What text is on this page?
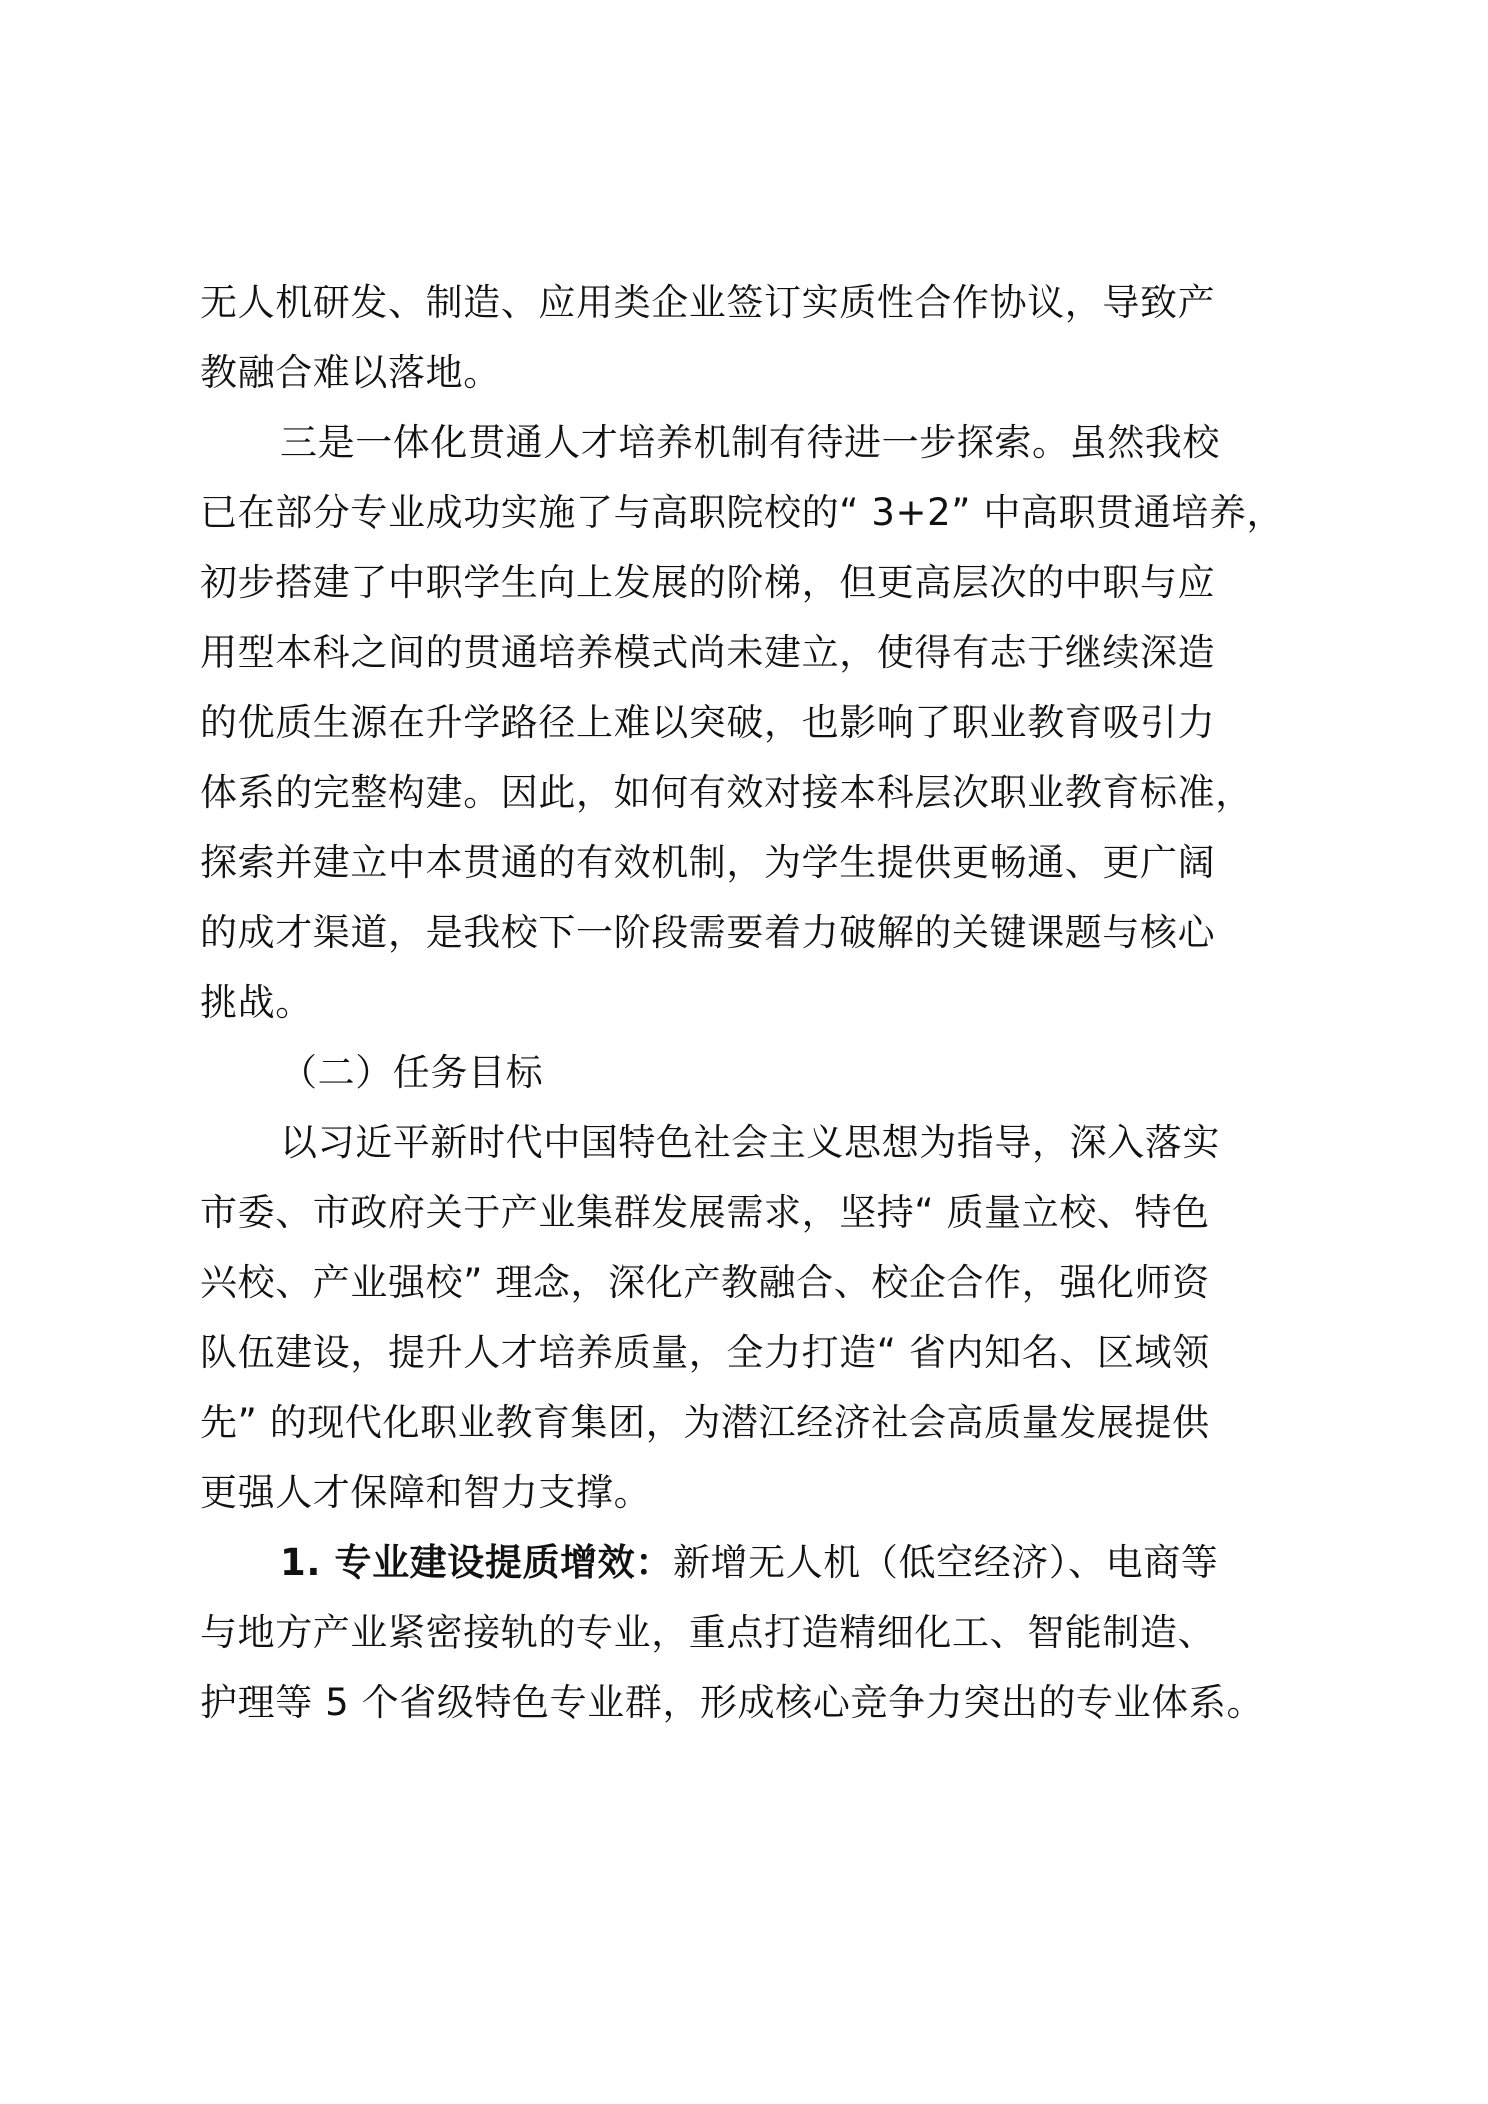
无人机研发、制造、应用类企业签订实质性合作协议，导致产
教融合难以落地。
三是一体化贯通人才培养机制有待进一步探索。虽然我校
已在部分专业成功实施了与高职院校的“ 3+2” 中高职贯通培养，
初步搭建了中职学生向上发展的阶梯，但更高层次的中职与应
用型本科之间的贯通培养模式尚未建立，使得有志于继续深造
的优质生源在升学路径上难以突破，也影响了职业教育吸引力
体系的完整构建。因此，如何有效对接本科层次职业教育标准，
探索并建立中本贯通的有效机制，为学生提供更畅通、更广阔
的成才渠道，是我校下一阶段需要着力破解的关键课题与核心
挑战。
（二）任务目标
以习近平新时代中国特色社会主义思想为指导，深入落实
市委、市政府关于产业集群发展需求，坚持“ 质量立校、特色
兴校、产业强校” 理念，深化产教融合、校企合作，强化师资
队伍建设，提升人才培养质量，全力打造“ 省内知名、区域领
先” 的现代化职业教育集团，为潜江经济社会高质量发展提供
更强人才保障和智力支撑。
1. 专业建设提质增效：新增无人机（低空经济）、电商等
与地方产业紧密接轨的专业，重点打造精细化工、智能制造、
护理等 5 个省级特色专业群，形成核心竞争力突出的专业体系。
